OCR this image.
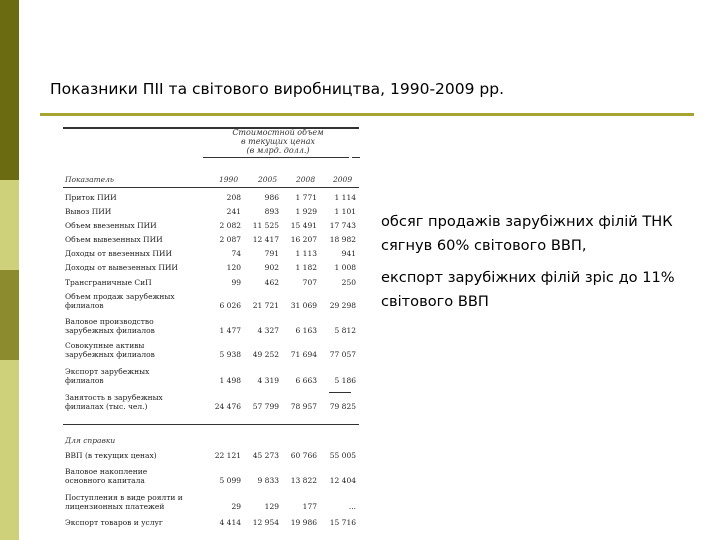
Показники ПІІ та світового виробництва, 1990-2009 рр.
Стоимостной объем
в текущих ценах
(в млрд. долл.)
Показатель	1990	2005	2008 2009
Для справки
Приток ПИИ	208	986	1 771	1 114
Вывоз ПИИ	241	893	1 929	1 101
Объем ввезенных ПИИ	2 082	11 525	15 491	17 743
Объем вывезенных ПИИ	2 087	12 417	16 207	18 982
Доходы от ввезенных ПИИ	74	791	1 113	941
Доходы от вывезенных ПИИ	120	902	1 182	1 008
Трансграничные СиП	99	462	707	250
Объем продаж зарубежных
филиалов	6 026	21 721	31 069	29 298
Валовое производство
зарубежных филиалов	1 477	4 327	6 163	5 812
Совокупные активы
зарубежных филиалов	5 938	49 252	71 694	77 057
Экспорт зарубежных
филиалов	1 498	4 319	6 663	5 186
Занятость в зарубежных
филиалах (тыс. чел.)	24 476	57 799	78 957	79 825
ВВП (в текущих ценах)	22 121	45 273	60 766	55 005
Валовое накопление
основного капитала	5 099	9 833	13 822	12 404
Поступления в виде роялти и
лицензионных платежей	29	129	177	...
Экспорт товаров и услуг	4 414	12 954	19 986	15 716

обсяг продажів зарубіжних філій ТНК сягнув 60% світового ВВП,

експорт зарубіжних філій зріс до 11% світового ВВП
